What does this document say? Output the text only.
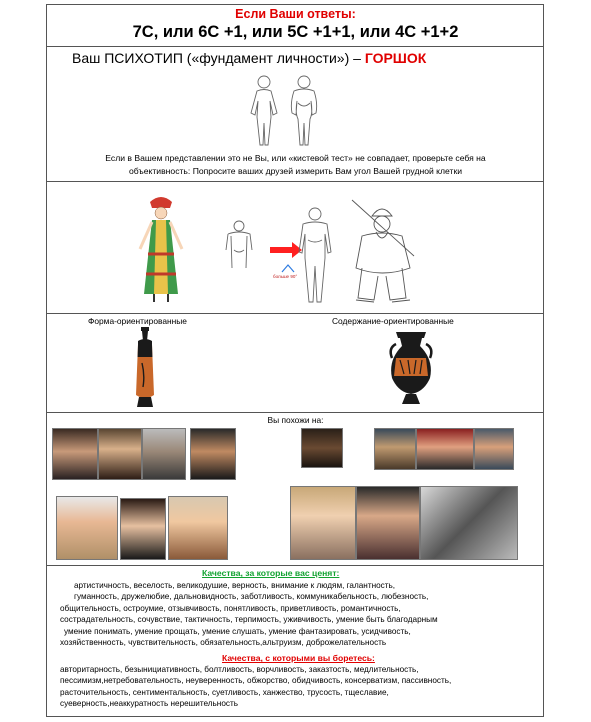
Если Ваши ответы:
7С, или 6С +1, или 5С +1+1, или 4С +1+2
Ваш ПСИХОТИП («фундамент личности») – ГОРШОК
Если в Вашем представлении это не Вы, или «кистевой тест» не совпадает, проверьте себя на
объективность: Попросите ваших друзей измерить Вам угол Вашей грудной клетки
больше 90°
Форма-ориентированные	Содержание-ориентированные
Вы похожи на:
Качества, за которые вас ценят:
артистичность, веселость, великодушие, верность, внимание к людям, галантность,
гуманность, дружелюбие, дальновидность, заботливость, коммуникабельность, любезность,
общительность, остроумие, отзывчивость, понятливость, приветливость, романтичность,
сострадательность, сочувствие, тактичность, терпимость, уживчивость, умение быть благодарным
умение понимать, умение прощать, умение слушать, умение фантазировать, усидчивость,
хозяйственность, чувствительность, обязательность,альтруизм, доброжелательность
Качества, с которыми вы боретесь:
авторитарность, безынициативность, болтливость, ворчливость, заказтость, медлительность,
пессимизм,нетребовательность, неуверенность, обжорство, обидчивость, консерватизм, пассивность,
расточительность, сентиментальность, суетливость, ханжество, трусость, тщеславие,
суеверность,неаккуратность нерешительность
